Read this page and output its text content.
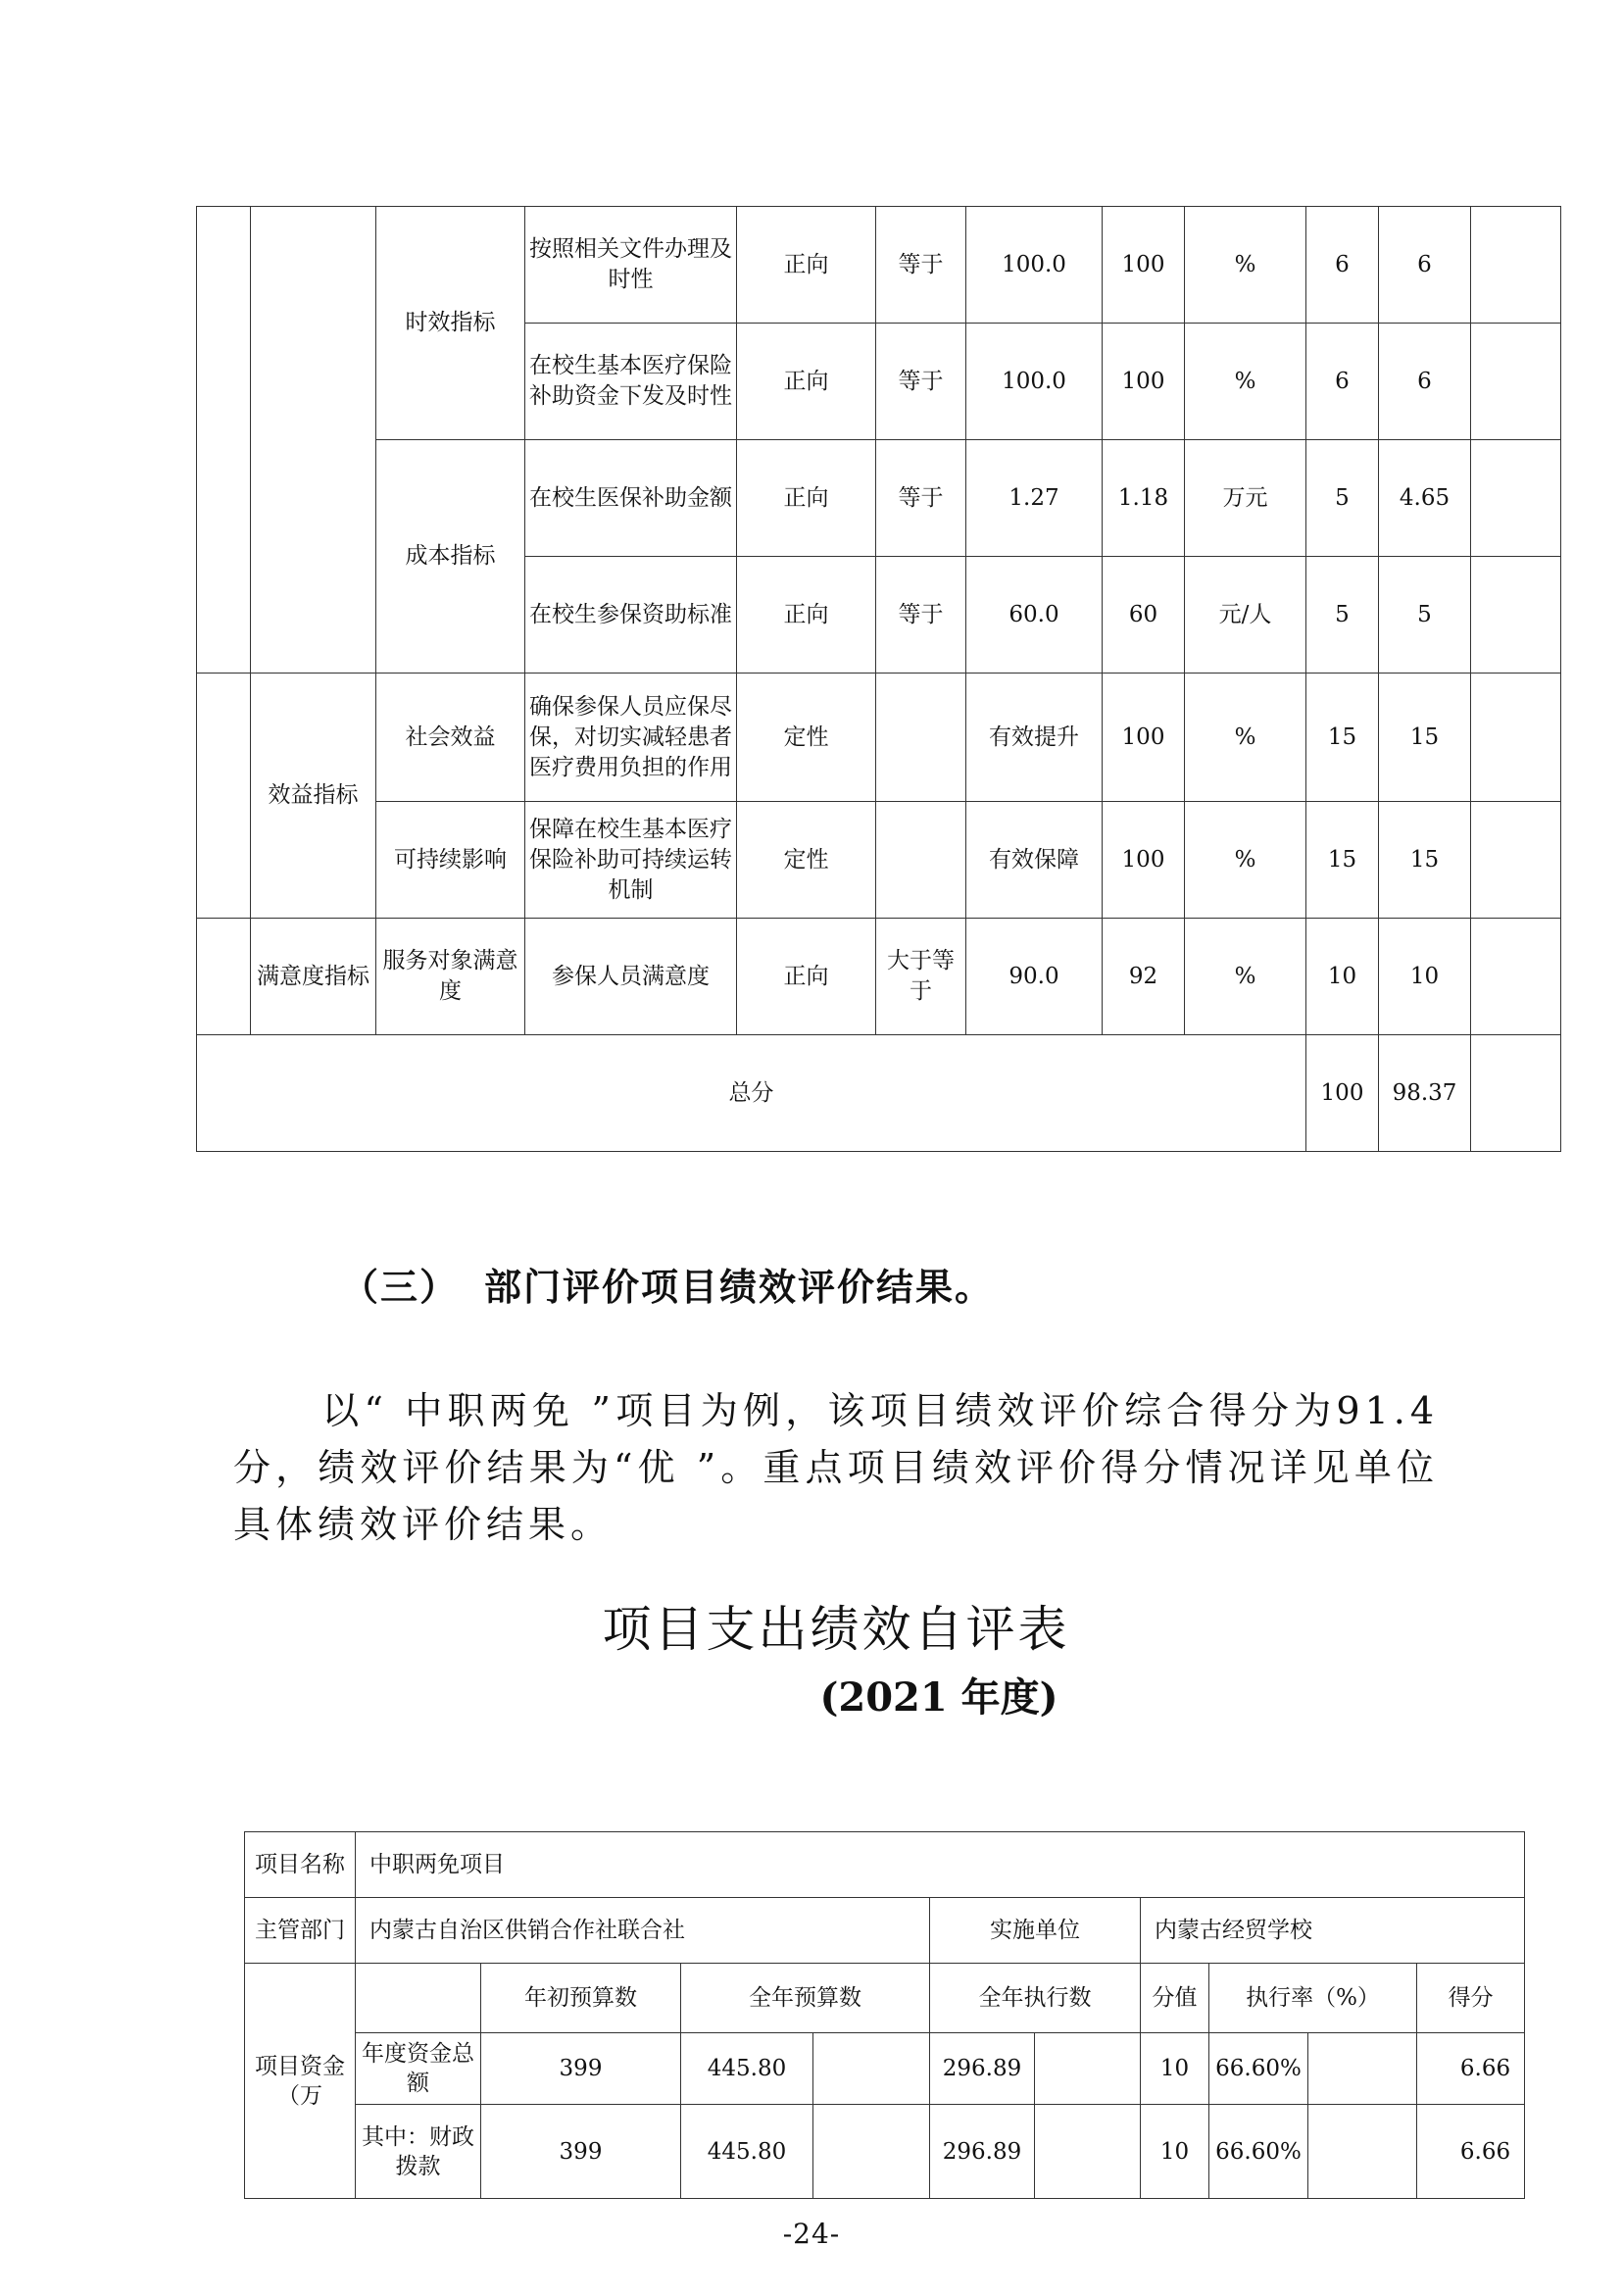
		时效指标	按照相关文件办理及时性	正向	等于	100.0	100	%	6	6	
			在校生基本医疗保险补助资金下发及时性	正向	等于	100.0	100	%	6	6	
		成本指标	在校生医保补助金额	正向	等于	1.27	1.18	万元	5	4.65	
			在校生参保资助标准	正向	等于	60.0	60	元/人	5	5	
	效益指标	社会效益	确保参保人员应保尽保，对切实减轻患者医疗费用负担的作用	定性		有效提升	100	%	15	15	
		可持续影响	保障在校生基本医疗保险补助可持续运转机制	定性		有效保障	100	%	15	15	
	满意度指标	服务对象满意度	参保人员满意度	正向	大于等于	90.0	92	%	10	10	
总分									100	98.37	
（三） 部门评价项目绩效评价结果。
以“ 中职两免 ”项目为例，该项目绩效评价综合得分为91.4分，绩效评价结果为“优 ”。重点项目绩效评价得分情况详见单位具体绩效评价结果。
项目支出绩效自评表
(2021 年度)
项目名称	中职两免项目									
主管部门	内蒙古自治区供销合作社联合社				实施单位		内蒙古经贸学校			
项目资金（万		年初预算数	全年预算数		全年执行数		分值	执行率（%）		得分
	年度资金总额	399	445.80		296.89		10	66.60%		6.66
	其中：财政拨款	399	445.80		296.89		10	66.60%		6.66
-24-
